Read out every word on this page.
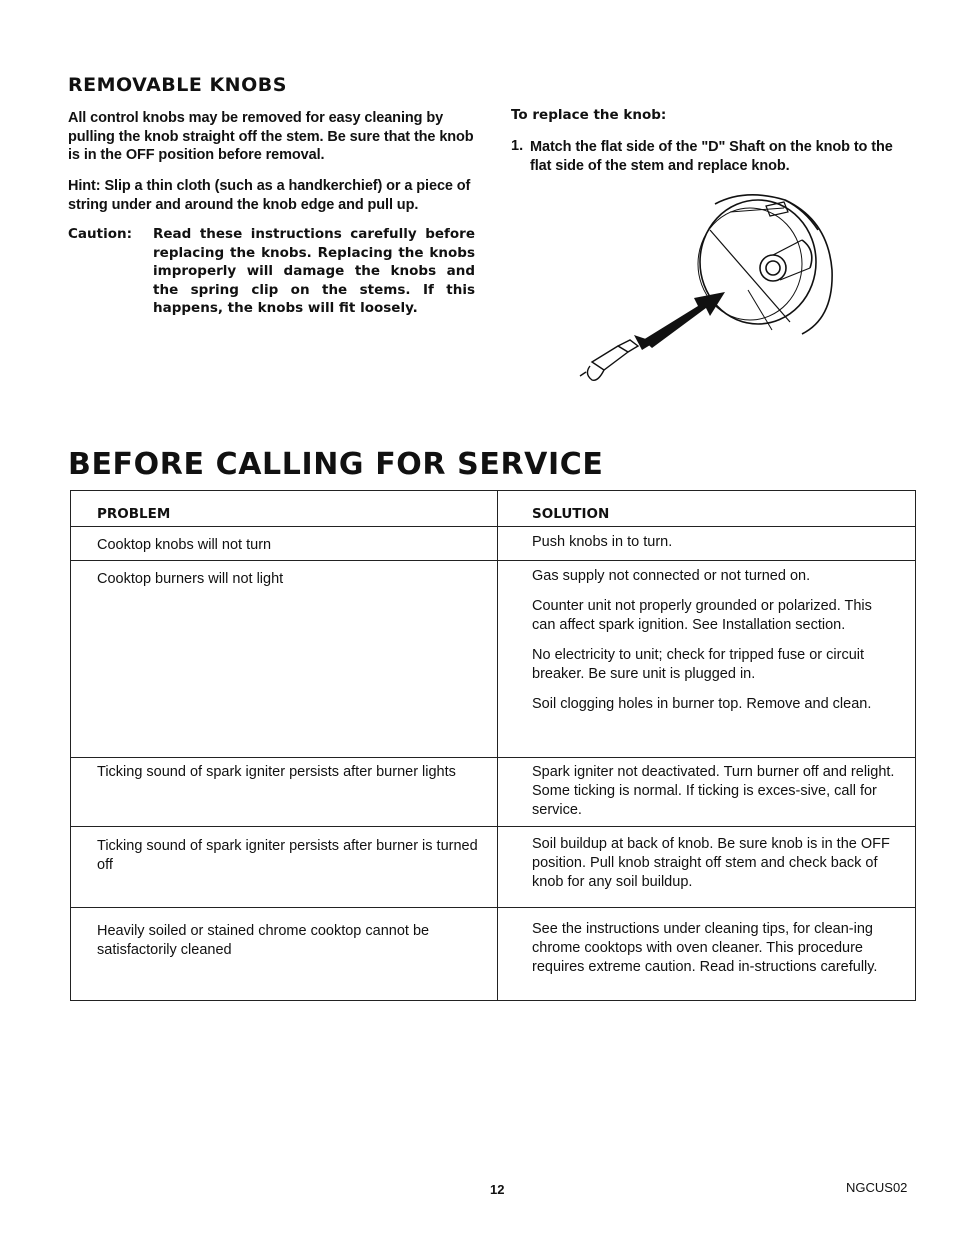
REMOVABLE KNOBS

All control knobs may be removed for easy cleaning by pulling the knob straight off the stem. Be sure that the knob is in the OFF position before removal.

Hint: Slip a thin cloth (such as a handkerchief) or a piece of string under and around the knob edge and pull up.

Caution: Read these instructions carefully before replacing the knobs. Replacing the knobs improperly will damage the knobs and the spring clip on the stems. If this happens, the knobs will fit loosely.
To replace the knob:
1. Match the flat side of the "D" Shaft on the knob to the flat side of the stem and replace knob.

BEFORE CALLING FOR SERVICE
PROBLEM	SOLUTION

Cooktop knobs will not turn	Push knobs in to turn.

Cooktop burners will not light	Gas supply not connected or not turned on.

Counter unit not properly grounded or polarized. This can affect spark ignition. See Installation section.

No electricity to unit; check for tripped fuse or circuit breaker. Be sure unit is plugged in.

Soil clogging holes in burner top. Remove and clean.

Ticking sound of spark igniter persists after burner lights	Spark igniter not deactivated. Turn burner off and relight. Some ticking is normal. If ticking is exces-sive, call for service.

Ticking sound of spark igniter persists after burner is turned off	Soil buildup at back of knob. Be sure knob is in the OFF position. Pull knob straight off stem and check back of knob for any soil buildup.

Heavily soiled or stained chrome cooktop cannot be satisfactorily cleaned	See the instructions under cleaning tips, for clean-ing chrome cooktops with oven cleaner. This procedure requires extreme caution. Read in-structions carefully.
12	NGCUS02
